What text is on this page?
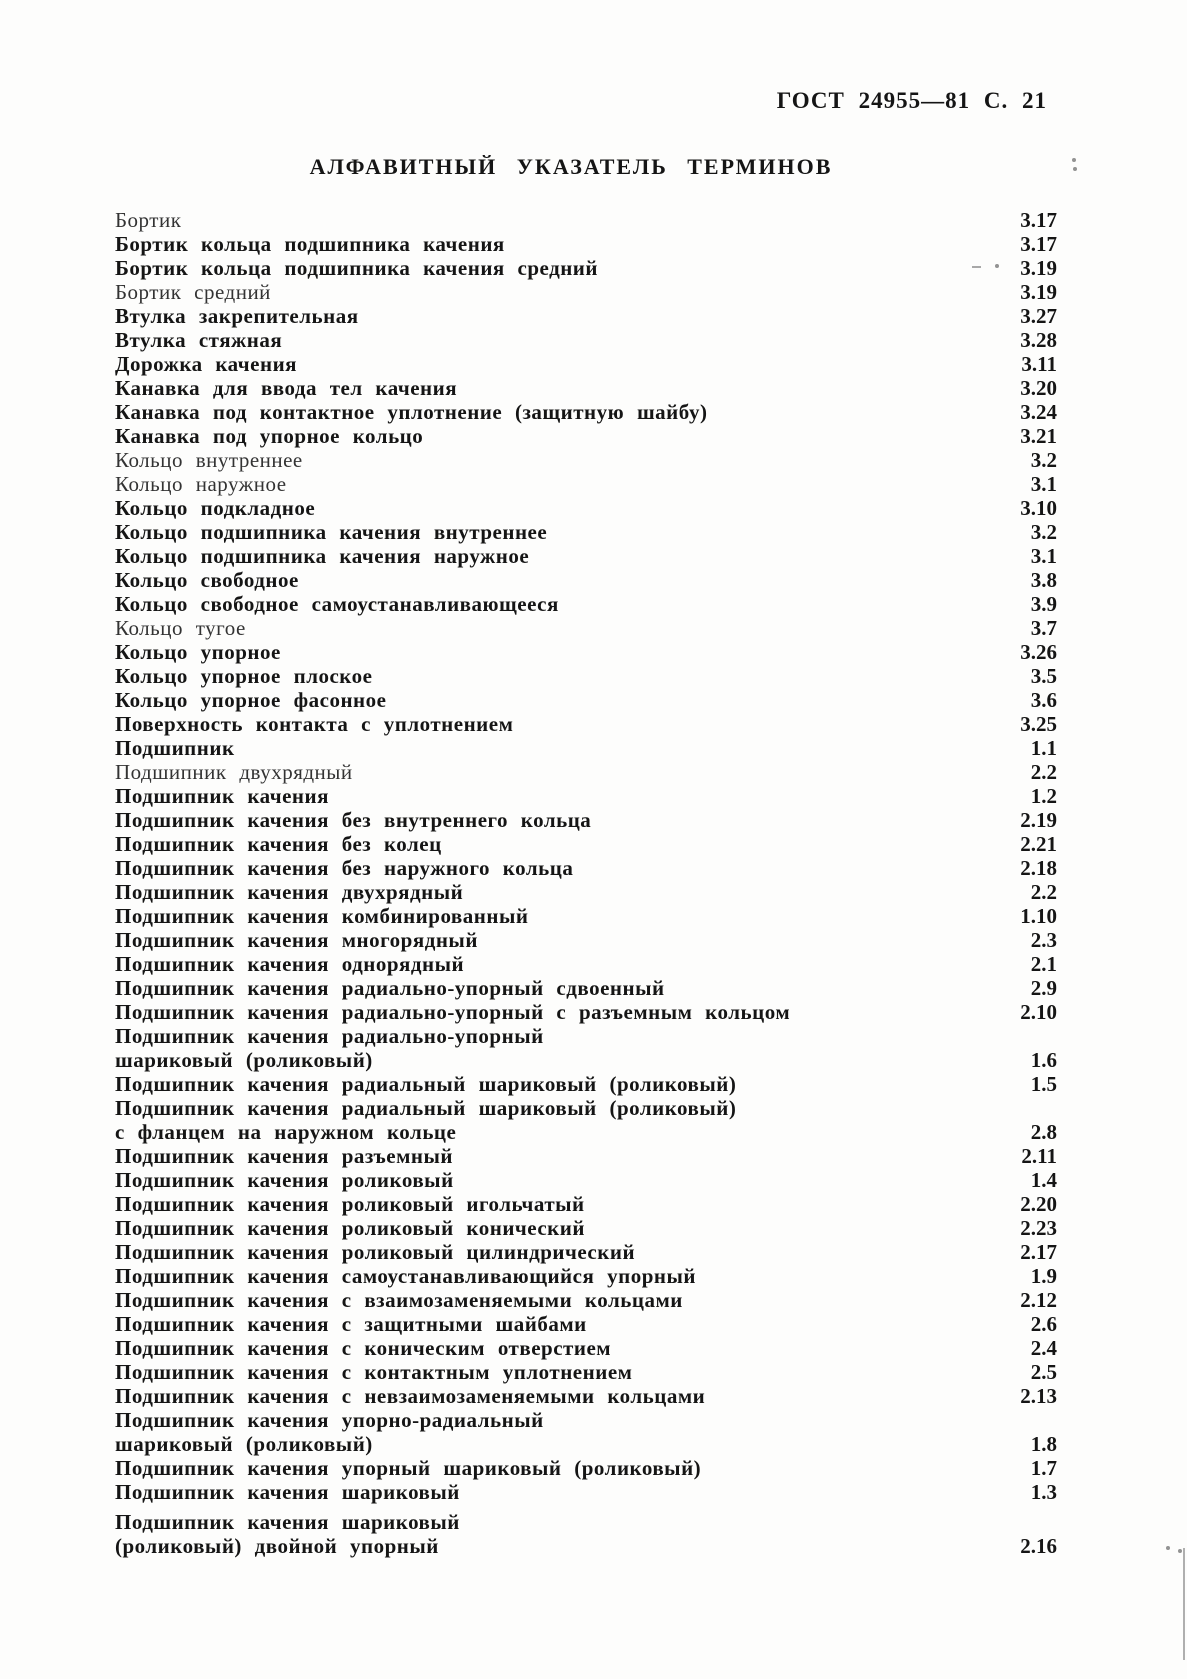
ГОСТ 24955—81 С. 21
АЛФАВИТНЫЙ УКАЗАТЕЛЬ ТЕРМИНОВ
Бортик	3.17
Бортик кольца подшипника качения	3.17
Бортик кольца подшипника качения средний	3.19
Бортик средний	3.19
Втулка закрепительная	3.27
Втулка стяжная	3.28
Дорожка качения	3.11
Канавка для ввода тел качения	3.20
Канавка под контактное уплотнение (защитную шайбу)	3.24
Канавка под упорное кольцо	3.21
Кольцо внутреннее	3.2
Кольцо наружное	3.1
Кольцо подкладное	3.10
Кольцо подшипника качения внутреннее	3.2
Кольцо подшипника качения наружное	3.1
Кольцо свободное	3.8
Кольцо свободное самоустанавливающееся	3.9
Кольцо тугое	3.7
Кольцо упорное	3.26
Кольцо упорное плоское	3.5
Кольцо упорное фасонное	3.6
Поверхность контакта с уплотнением	3.25
Подшипник	1.1
Подшипник двухрядный	2.2
Подшипник качения	1.2
Подшипник качения без внутреннего кольца	2.19
Подшипник качения без колец	2.21
Подшипник качения без наружного кольца	2.18
Подшипник качения двухрядный	2.2
Подшипник качения комбинированный	1.10
Подшипник качения многорядный	2.3
Подшипник качения однорядный	2.1
Подшипник качения радиально-упорный сдвоенный	2.9
Подшипник качения радиально-упорный с разъемным кольцом	2.10
Подшипник качения радиально-упорный
шариковый (роликовый)	1.6
Подшипник качения радиальный шариковый (роликовый)	1.5
Подшипник качения радиальный шариковый (роликовый)
с фланцем на наружном кольце	2.8
Подшипник качения разъемный	2.11
Подшипник качения роликовый	1.4
Подшипник качения роликовый игольчатый	2.20
Подшипник качения роликовый конический	2.23
Подшипник качения роликовый цилиндрический	2.17
Подшипник качения самоустанавливающийся упорный	1.9
Подшипник качения с взаимозаменяемыми кольцами	2.12
Подшипник качения с защитными шайбами	2.6
Подшипник качения с коническим отверстием	2.4
Подшипник качения с контактным уплотнением	2.5
Подшипник качения с невзаимозаменяемыми кольцами	2.13
Подшипник качения упорно-радиальный
шариковый (роликовый)	1.8
Подшипник качения упорный шариковый (роликовый)	1.7
Подшипник качения шариковый	1.3
Подшипник качения шариковый
(роликовый) двойной упорный	2.16
